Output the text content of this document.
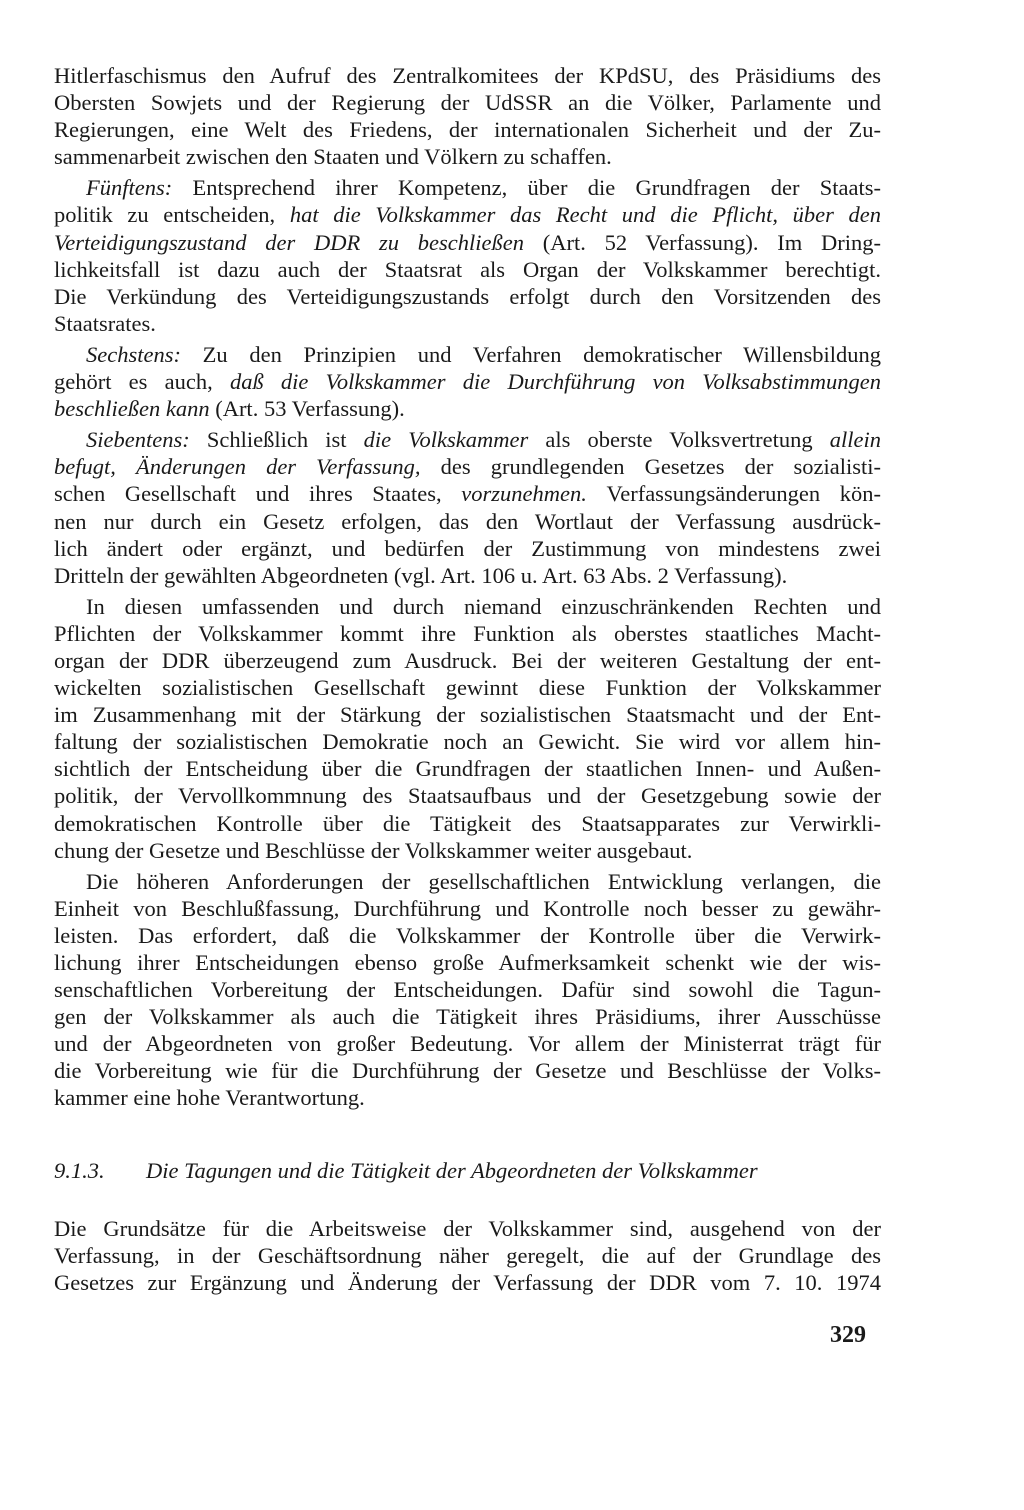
Hitlerfaschismus den Aufruf des Zentralkomitees der KPdSU, des Präsidiums des
Obersten Sowjets und der Regierung der UdSSR an die Völker, Parlamente und
Regierungen, eine Welt des Friedens, der internationalen Sicherheit und der Zu-
sammenarbeit zwischen den Staaten und Völkern zu schaffen.

Fünftens: Entsprechend ihrer Kompetenz, über die Grundfragen der Staats-
politik zu entscheiden, hat die Volkskammer das Recht und die Pflicht, über den
Verteidigungszustand der DDR zu beschließen (Art. 52 Verfassung). Im Dring-
lichkeitsfall ist dazu auch der Staatsrat als Organ der Volkskammer berechtigt.
Die Verkündung des Verteidigungszustands erfolgt durch den Vorsitzenden des
Staatsrates.

Sechstens: Zu den Prinzipien und Verfahren demokratischer Willensbildung
gehört es auch, daß die Volkskammer die Durchführung von Volksabstimmungen
beschließen kann (Art. 53 Verfassung).

Siebentens: Schließlich ist die Volkskammer als oberste Volksvertretung allein
befugt, Änderungen der Verfassung, des grundlegenden Gesetzes der sozialisti-
schen Gesellschaft und ihres Staates, vorzunehmen. Verfassungsänderungen kön-
nen nur durch ein Gesetz erfolgen, das den Wortlaut der Verfassung ausdrück-
lich ändert oder ergänzt, und bedürfen der Zustimmung von mindestens zwei
Dritteln der gewählten Abgeordneten (vgl. Art. 106 u. Art. 63 Abs. 2 Verfassung).

In diesen umfassenden und durch niemand einzuschränkenden Rechten und
Pflichten der Volkskammer kommt ihre Funktion als oberstes staatliches Macht-
organ der DDR überzeugend zum Ausdruck. Bei der weiteren Gestaltung der ent-
wickelten sozialistischen Gesellschaft gewinnt diese Funktion der Volkskammer
im Zusammenhang mit der Stärkung der sozialistischen Staatsmacht und der Ent-
faltung der sozialistischen Demokratie noch an Gewicht. Sie wird vor allem hin-
sichtlich der Entscheidung über die Grundfragen der staatlichen Innen- und Außen-
politik, der Vervollkommnung des Staatsaufbaus und der Gesetzgebung sowie der
demokratischen Kontrolle über die Tätigkeit des Staatsapparates zur Verwirkli-
chung der Gesetze und Beschlüsse der Volkskammer weiter ausgebaut.

Die höheren Anforderungen der gesellschaftlichen Entwicklung verlangen, die
Einheit von Beschlußfassung, Durchführung und Kontrolle noch besser zu gewähr-
leisten. Das erfordert, daß die Volkskammer der Kontrolle über die Verwirk-
lichung ihrer Entscheidungen ebenso große Aufmerksamkeit schenkt wie der wis-
senschaftlichen Vorbereitung der Entscheidungen. Dafür sind sowohl die Tagun-
gen der Volkskammer als auch die Tätigkeit ihres Präsidiums, ihrer Ausschüsse
und der Abgeordneten von großer Bedeutung. Vor allem der Ministerrat trägt für
die Vorbereitung wie für die Durchführung der Gesetze und Beschlüsse der Volks-
kammer eine hohe Verantwortung.

9.1.3.	Die Tagungen und die Tätigkeit der Abgeordneten der Volkskammer

Die Grundsätze für die Arbeitsweise der Volkskammer sind, ausgehend von der
Verfassung, in der Geschäftsordnung näher geregelt, die auf der Grundlage des
Gesetzes zur Ergänzung und Änderung der Verfassung der DDR vom 7. 10. 1974

329
